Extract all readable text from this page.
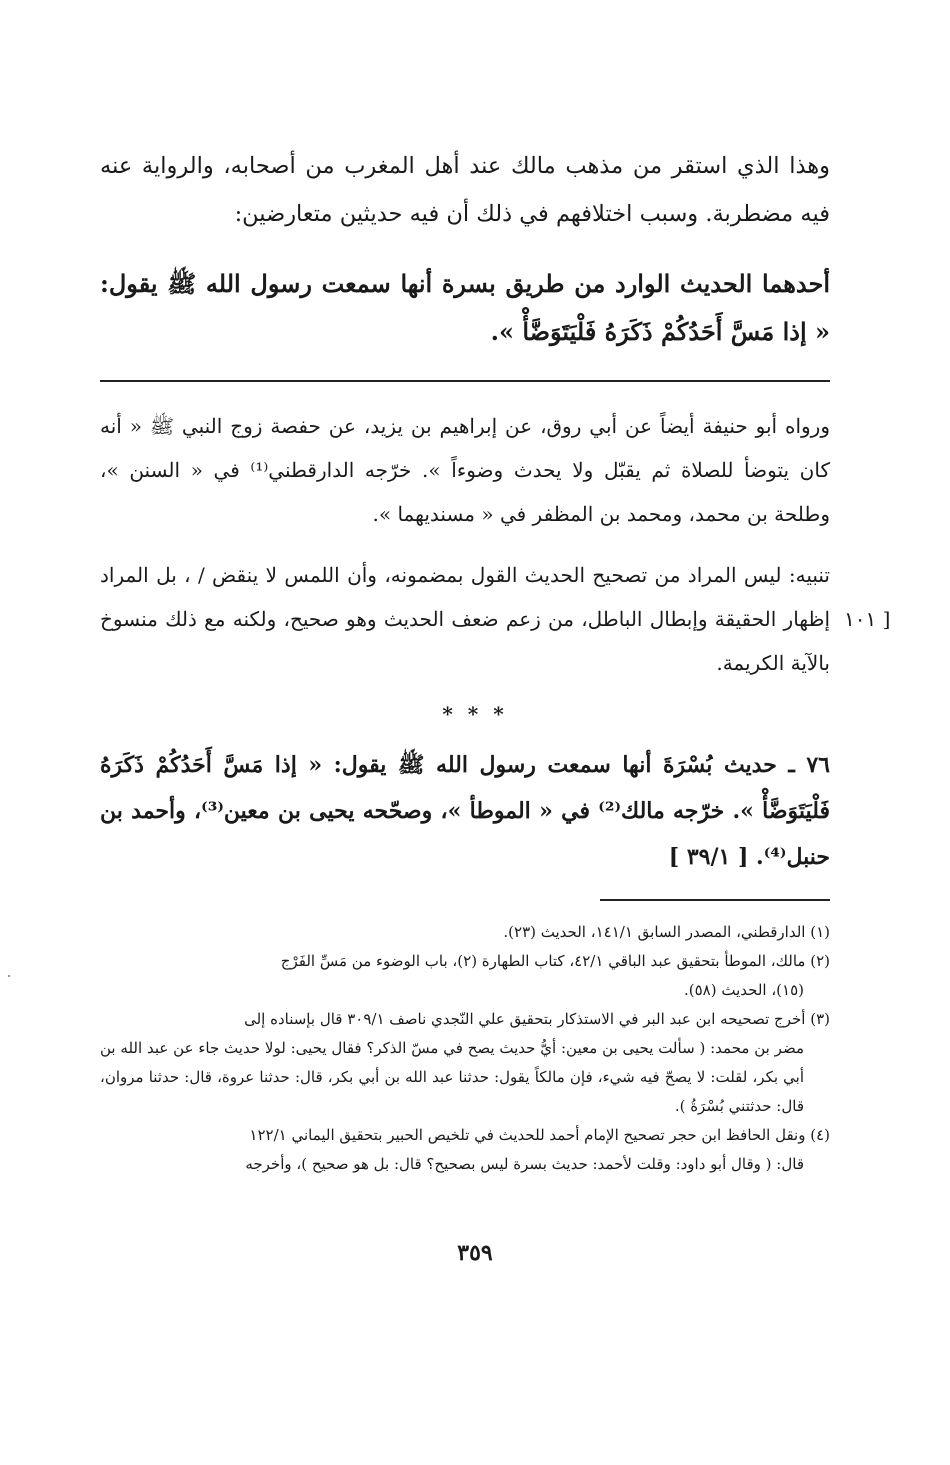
وهذا الذي استقر من مذهب مالك عند أهل المغرب من أصحابه، والرواية عنه فيه مضطربة. وسبب اختلافهم في ذلك أن فيه حديثين متعارضين:

أحدهما الحديث الوارد من طريق بسرة أنها سمعت رسول الله ﷺ يقول: « إذا مَسَّ أَحَدُكُمْ ذَكَرَهُ فَلْيَتَوَضَّأْ ».

ورواه أبو حنيفة أيضاً عن أبي روق، عن إبراهيم بن يزيد، عن حفصة زوج النبي ﷺ « أنه كان يتوضأ للصلاة ثم يقبّل ولا يحدث وضوءاً ». خرّجه الدارقطني⁽¹⁾ في « السنن »، وطلحة بن محمد، ومحمد بن المظفر في « مسنديهما ».

تنبيه: ليس المراد من تصحيح الحديث القول بمضمونه، وأن اللمس لا ينقض / ، بل المراد إظهار الحقيقة وإبطال الباطل، من زعم ضعف الحديث وهو صحيح، ولكنه مع ذلك منسوخ بالآية الكريمة.

[ ١٠١
* * *

٧٦ ـ حديث بُسْرَةَ أنها سمعت رسول الله ﷺ يقول: « إذا مَسَّ أَحَدُكُمْ ذَكَرَهُ فَلْيَتَوَضَّأْ ». خرّجه مالك⁽²⁾ في « الموطأ »، وصحّحه يحيى بن معين⁽³⁾، وأحمد بن حنبل⁽⁴⁾. [ ٣٩/١ ]

(١) الدارقطني، المصدر السابق ١٤١/١، الحديث (٢٣).
(٢) مالك، الموطأ بتحقيق عبد الباقي ٤٢/١، كتاب الطهارة (٢)، باب الوضوء من مَسِّ الفَرْج
(١٥)، الحديث (٥٨).
(٣) أخرج تصحيحه ابن عبد البر في الاستذكار بتحقيق علي النّجدي ناصف ٣٠٩/١ قال بإسناده إلى
مضر بن محمد: ( سألت يحيى بن معين: أيُّ حديث يصح في مسّ الذكر؟ فقال يحيى: لولا حديث جاء عن عبد الله بن أبي بكر، لقلت: لا يصحّ فيه شيء، فإن مالكاً يقول: حدثنا عبد الله بن أبي بكر، قال: حدثنا عروة، قال: حدثنا مروان، قال: حدثتني بُسْرَةُ ).
(٤) ونقل الحافظ ابن حجر تصحيح الإمام أحمد للحديث في تلخيص الحبير بتحقيق اليماني ١٢٢/١
قال: ( وقال أبو داود: وقلت لأحمد: حديث بسرة ليس بصحيح؟ قال: بل هو صحيح )، وأخرجه
٣٥٩
